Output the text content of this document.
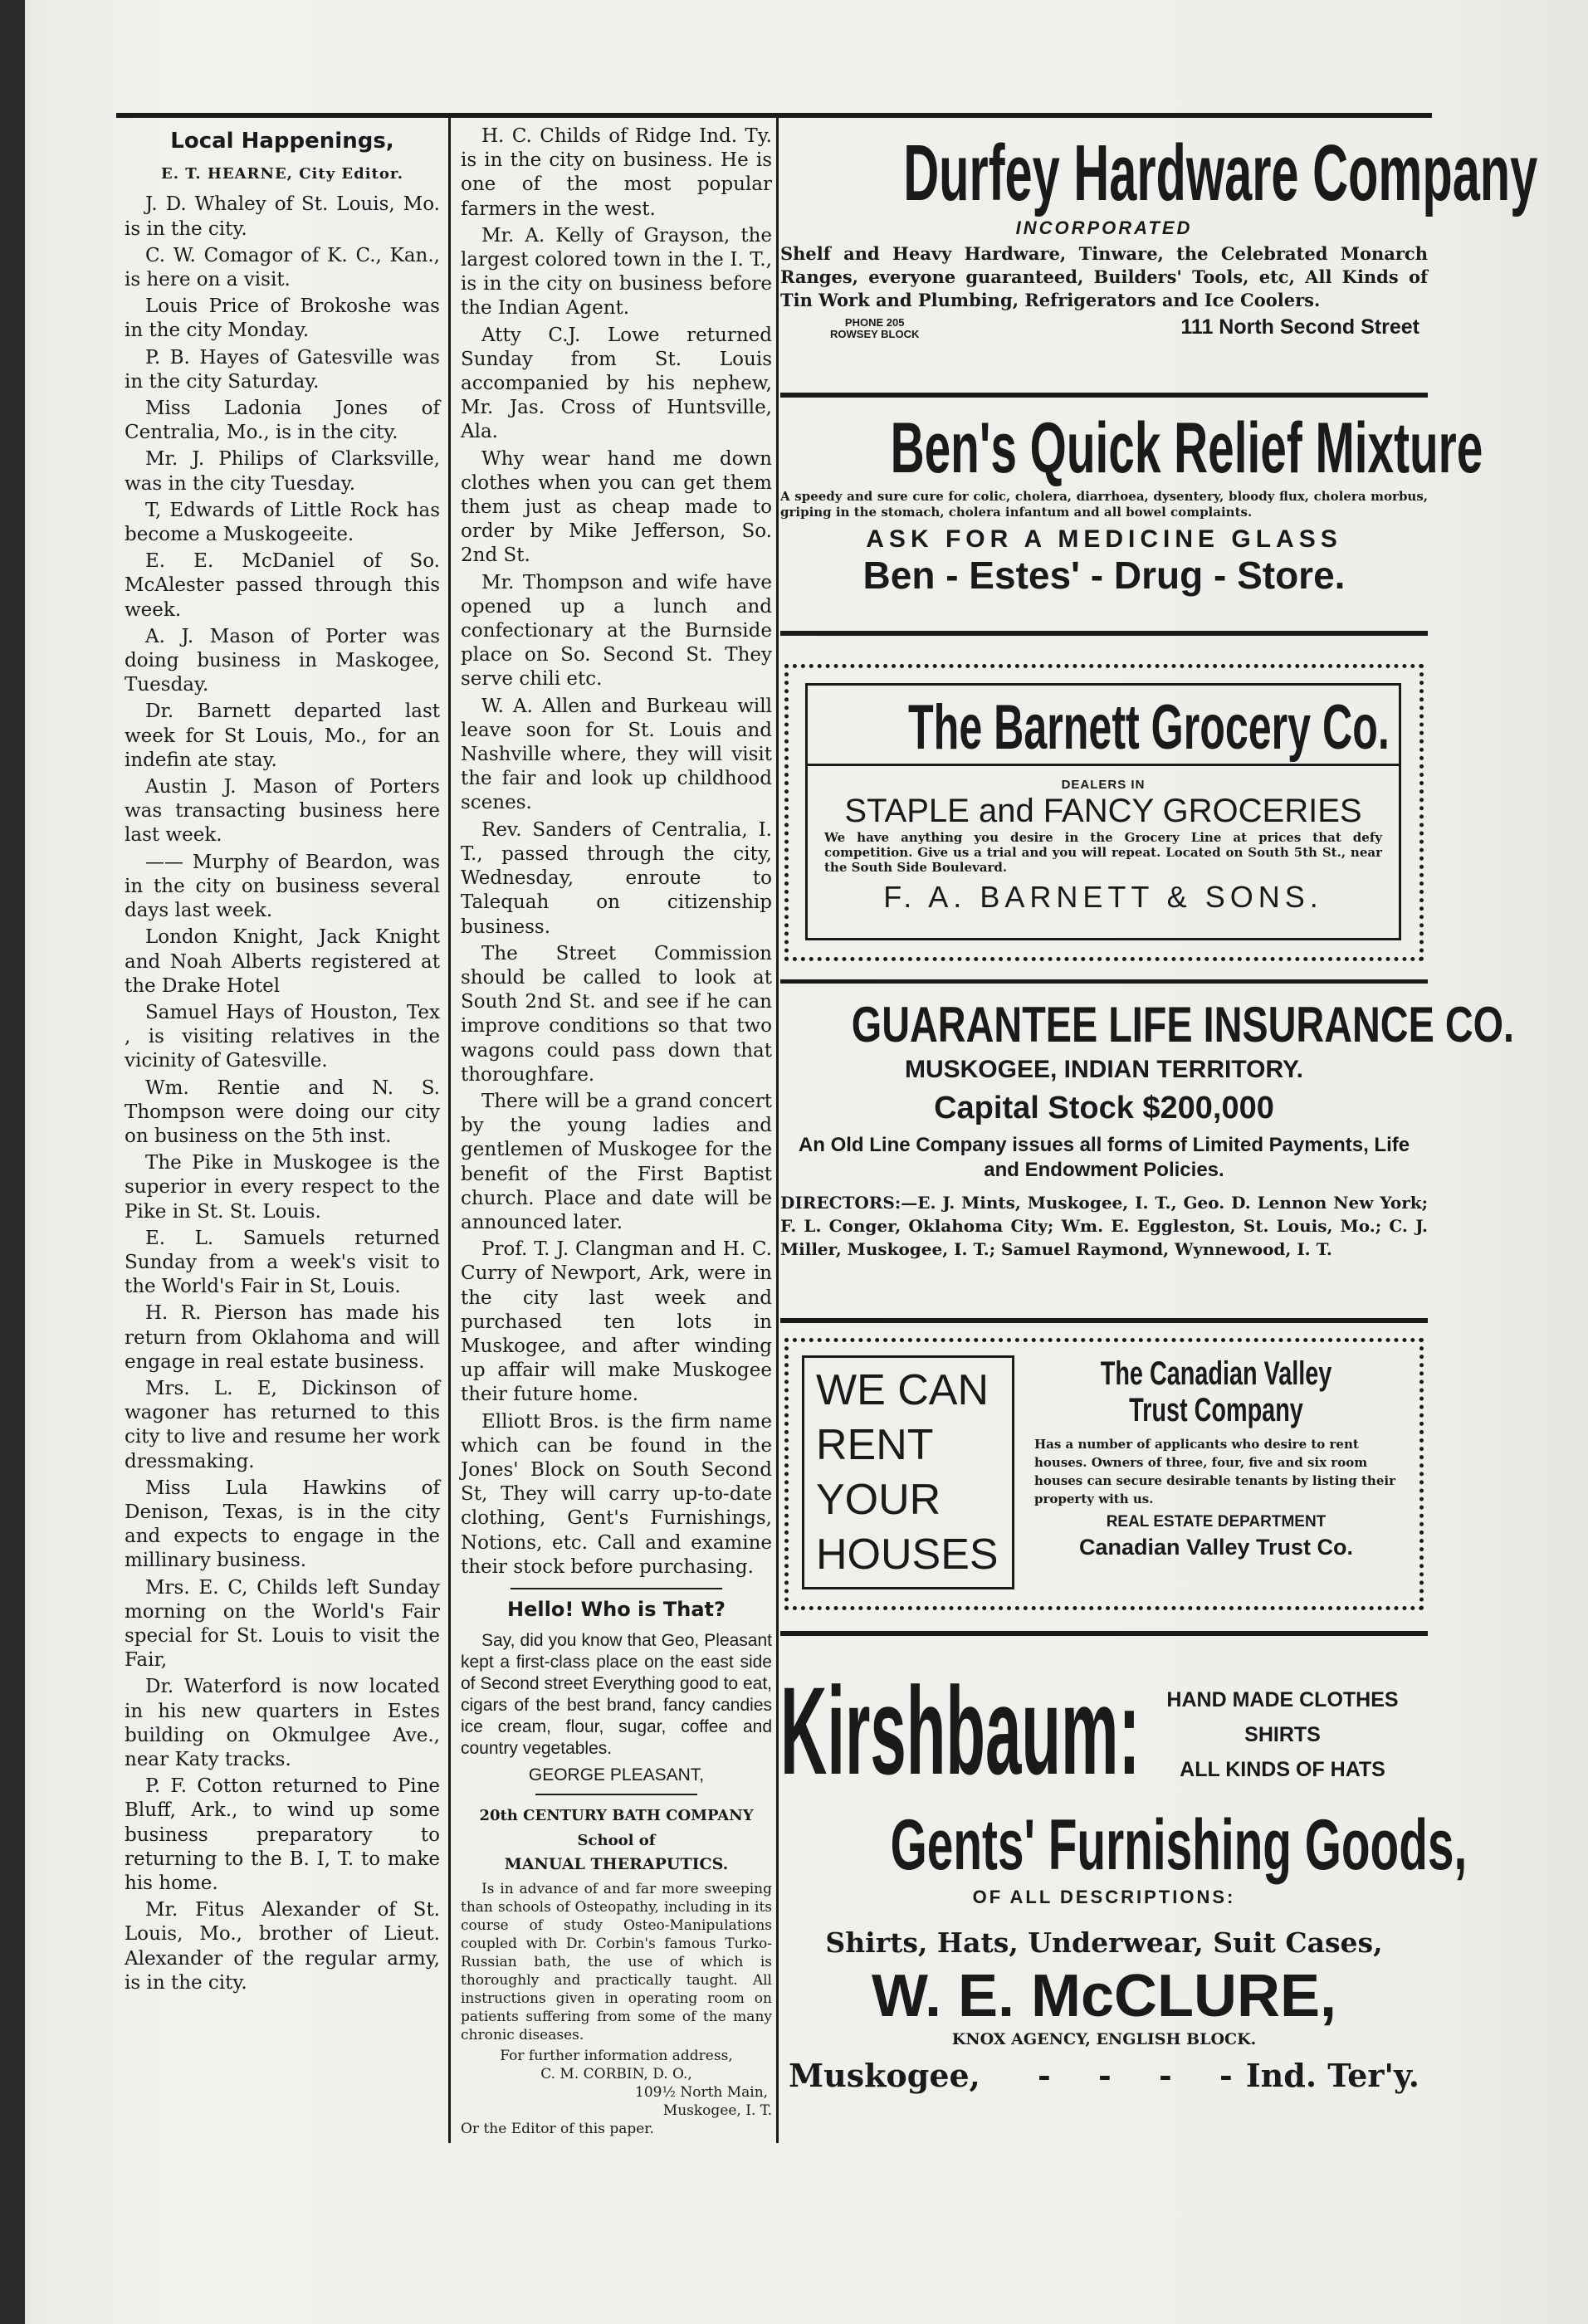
Local Happenings,
E. T. HEARNE, City Editor.
J. D. Whaley of St. Louis, Mo. is in the city.
C. W. Comagor of K. C., Kan., is here on a visit.
Louis Price of Brokoshe was in the city Monday.
P. B. Hayes of Gatesville was in the city Saturday.
Miss Ladonia Jones of Centralia, Mo., is in the city.
Mr. J. Philips of Clarksville, was in the city Tuesday.
T, Edwards of Little Rock has become a Muskogeeite.
E. E. McDaniel of So. McAlester passed through this week.
A. J. Mason of Porter was doing business in Maskogee, Tuesday.
Dr. Barnett departed last week for St Louis, Mo., for an indefin ate stay.
Austin J. Mason of Porters was transacting business here last week.
—— Murphy of Beardon, was in the city on business several days last week.
London Knight, Jack Knight and Noah Alberts registered at the Drake Hotel
Samuel Hays of Houston, Tex , is visiting relatives in the vicinity of Gatesville.
Wm. Rentie and N. S. Thompson were doing our city on business on the 5th inst.
The Pike in Muskogee is the superior in every respect to the Pike in St. St. Louis.
E. L. Samuels returned Sunday from a week's visit to the World's Fair in St, Louis.
H. R. Pierson has made his return from Oklahoma and will engage in real estate business.
Mrs. L. E, Dickinson of wagoner has returned to this city to live and resume her work dressmaking.
Miss Lula Hawkins of Denison, Texas, is in the city and expects to engage in the millinary business.
Mrs. E. C, Childs left Sunday morning on the World's Fair special for St. Louis to visit the Fair,
Dr. Waterford is now located in his new quarters in Estes building on Okmulgee Ave., near Katy tracks.
P. F. Cotton returned to Pine Bluff, Ark., to wind up some business preparatory to returning to the B. I, T. to make his home.
Mr. Fitus Alexander of St. Louis, Mo., brother of Lieut. Alexander of the regular army, is in the city.
H. C. Childs of Ridge Ind. Ty. is in the city on business. He is one of the most popular farmers in the west.
Mr. A. Kelly of Grayson, the largest colored town in the I. T., is in the city on business before the Indian Agent.
Atty C.J. Lowe returned Sunday from St. Louis accompanied by his nephew, Mr. Jas. Cross of Huntsville, Ala.
Why wear hand me down clothes when you can get them them just as cheap made to order by Mike Jefferson, So. 2nd St.
Mr. Thompson and wife have opened up a lunch and confectionary at the Burnside place on So. Second St. They serve chili etc.
W. A. Allen and Burkeau will leave soon for St. Louis and Nashville where, they will visit the fair and look up childhood scenes.
Rev. Sanders of Centralia, I. T., passed through the city, Wednesday, enroute to Talequah on citizenship business.
The Street Commission should be called to look at South 2nd St. and see if he can improve conditions so that two wagons could pass down that thoroughfare.
There will be a grand concert by the young ladies and gentlemen of Muskogee for the benefit of the First Baptist church. Place and date will be announced later.
Prof. T. J. Clangman and H. C. Curry of Newport, Ark, were in the city last week and purchased ten lots in Muskogee, and after winding up affair will make Muskogee their future home.
Elliott Bros. is the firm name which can be found in the Jones' Block on South Second St, They will carry up-to-date clothing, Gent's Furnishings, Notions, etc. Call and examine their stock before purchasing.
Hello! Who is That?
Say, did you know that Geo, Pleasant kept a first-class place on the east side of Second street Everything good to eat, cigars of the best brand, fancy candies ice cream, flour, sugar, coffee and country vegetables.
GEORGE PLEASANT,
20th CENTURY BATH COMPANY
School of
MANUAL THERAPUTICS.
Is in advance of and far more sweeping than schools of Osteopathy, including in its course of study Osteo-Manipulations coupled with Dr. Corbin's famous Turko-Russian bath, the use of which is thoroughly and practically taught. All instructions given in operating room on patients suffering from some of the many chronic diseases.
For further information address,
C. M. CORBIN, D. O.,
109½ North Main,
Muskogee, I. T.
Or the Editor of this paper.
Durfey Hardware Company
INCORPORATED
Shelf and Heavy Hardware, Tinware, the Celebrated Monarch Ranges, everyone guaranteed, Builders' Tools, etc, All Kinds of Tin Work and Plumbing, Refrigerators and Ice Coolers.
PHONE 205
ROWSEY BLOCK	111 North Second Street
Ben's Quick Relief Mixture
A speedy and sure cure for colic, cholera, diarrhoea, dysentery, bloody flux, cholera morbus, griping in the stomach, cholera infantum and all bowel complaints.
ASK FOR A MEDICINE GLASS
Ben - Estes' - Drug - Store.
The Barnett Grocery Co.
DEALERS IN
STAPLE and FANCY GROCERIES
We have anything you desire in the Grocery Line at prices that defy competition. Give us a trial and you will repeat. Located on South 5th St., near the South Side Boulevard.
F. A. BARNETT & SONS.
GUARANTEE LIFE INSURANCE CO.
MUSKOGEE, INDIAN TERRITORY.
Capital Stock $200,000
An Old Line Company issues all forms of Limited Payments, Life and Endowment Policies.
DIRECTORS:—E. J. Mints, Muskogee, I. T., Geo. D. Lennon New York; F. L. Conger, Oklahoma City; Wm. E. Eggleston, St. Louis, Mo.; C. J. Miller, Muskogee, I. T.; Samuel Raymond, Wynnewood, I. T.
WE CAN
RENT
YOUR
HOUSES
The Canadian Valley Trust Company
Has a number of applicants who desire to rent houses. Owners of three, four, five and six room houses can secure desirable tenants by listing their property with us.
REAL ESTATE DEPARTMENT
Canadian Valley Trust Co.
Kirshbaum:	HAND MADE CLOTHES
SHIRTS
ALL KINDS OF HATS
Gents' Furnishing Goods,
OF ALL DESCRIPTIONS:
Shirts, Hats, Underwear, Suit Cases,
W. E. McCLURE,
KNOX AGENCY, ENGLISH BLOCK.
Muskogee, - - - -
Ind. Ter'y.
